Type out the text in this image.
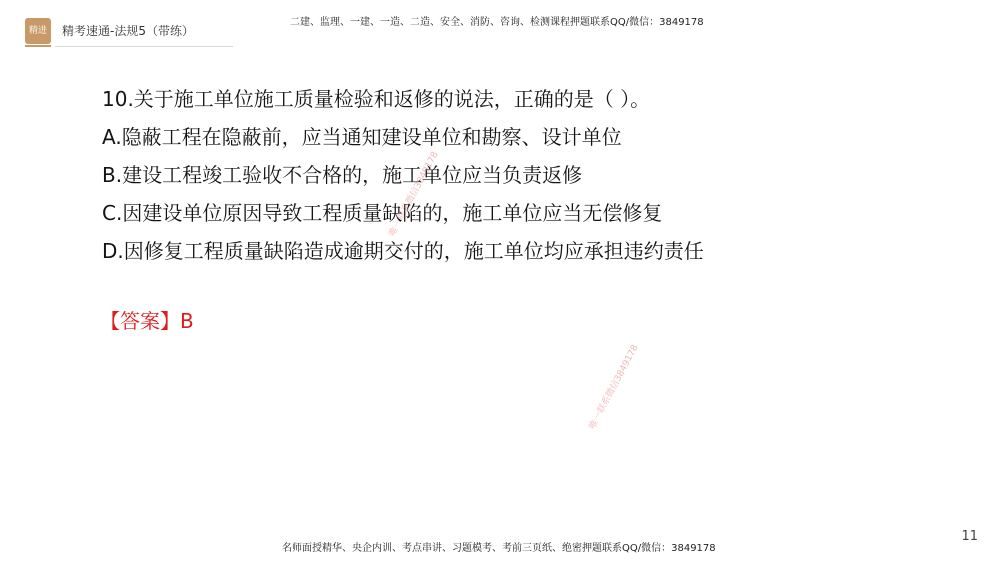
精进	精考速通-法规5（带练）
二建、监理、一建、一造、二造、安全、消防、咨询、检测课程押题联系QQ/微信：3849178
10.关于施工单位施工质量检验和返修的说法，正确的是（ ）。
A.隐蔽工程在隐蔽前，应当通知建设单位和勘察、设计单位
B.建设工程竣工验收不合格的，施工单位应当负责返修
C.因建设单位原因导致工程质量缺陷的，施工单位应当无偿修复
D.因修复工程质量缺陷造成逾期交付的，施工单位均应承担违约责任
【答案】B
唯一联系微信3849178
唯一联系微信3849178
名师面授精华、央企内训、考点串讲、习题模考、考前三页纸、绝密押题联系QQ/微信：3849178
11
